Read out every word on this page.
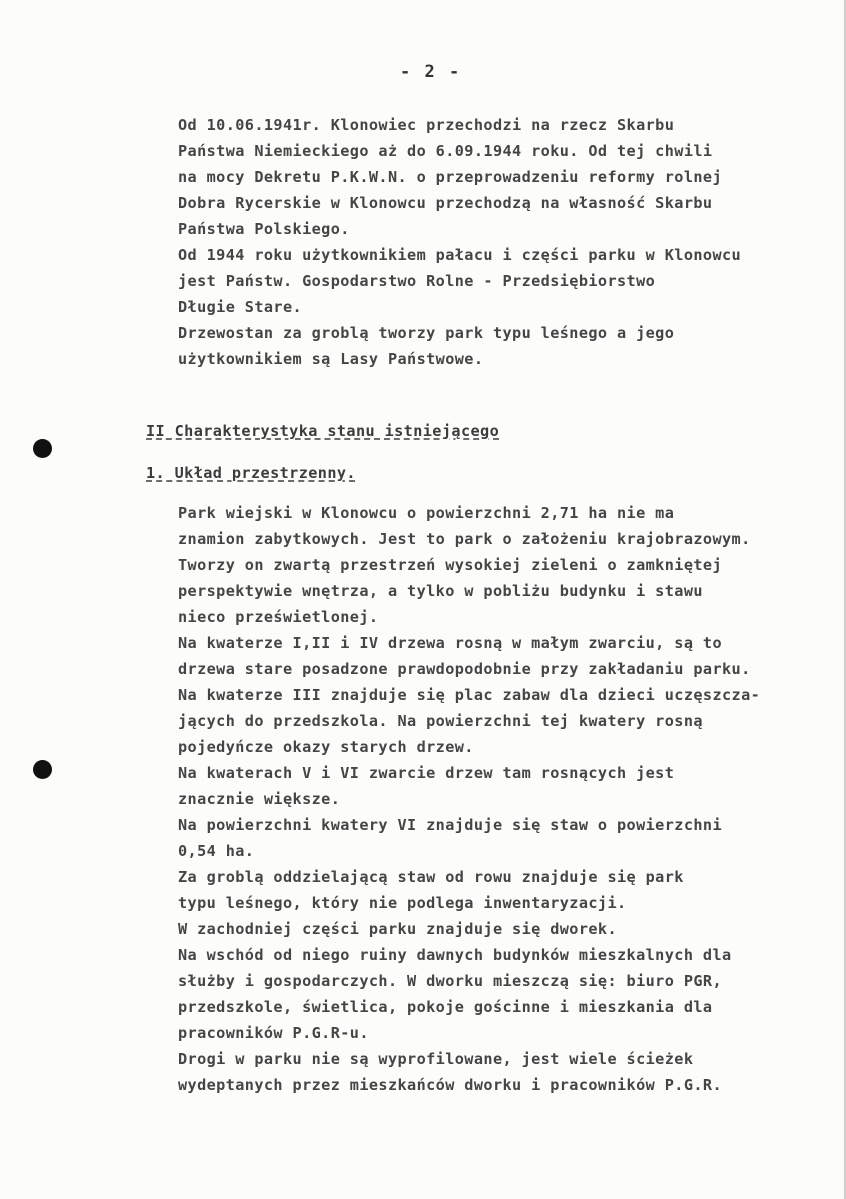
- 2 -
Od 10.06.1941r. Klonowiec przechodzi na rzecz Skarbu
Państwa Niemieckiego aż do 6.09.1944 roku. Od tej chwili
na mocy Dekretu P.K.W.N. o przeprowadzeniu reformy rolnej
Dobra Rycerskie w Klonowcu przechodzą na własność Skarbu
Państwa Polskiego.
Od 1944 roku użytkownikiem pałacu i części parku w Klonowcu
jest Państw. Gospodarstwo Rolne - Przedsiębiorstwo
Długie Stare.
Drzewostan za groblą tworzy park typu leśnego a jego
użytkownikiem są Lasy Państwowe.
II Charakterystyka stanu istniejącego
1. Układ przestrzenny.
Park wiejski w Klonowcu o powierzchni 2,71 ha nie ma
znamion zabytkowych. Jest to park o założeniu krajobrazowym.
Tworzy on zwartą przestrzeń wysokiej zieleni o zamkniętej
perspektywie wnętrza, a tylko w pobliżu budynku i stawu
nieco prześwietlonej.
Na kwaterze I,II i IV drzewa rosną w małym zwarciu, są to
drzewa stare posadzone prawdopodobnie przy zakładaniu parku.
Na kwaterze III znajduje się plac zabaw dla dzieci uczęszcza-
jących do przedszkola. Na powierzchni tej kwatery rosną
pojedyńcze okazy starych drzew.
Na kwaterach V i VI zwarcie drzew tam rosnących jest
znacznie większe.
Na powierzchni kwatery VI znajduje się staw o powierzchni
0,54 ha.
Za groblą oddzielającą staw od rowu znajduje się park
typu leśnego, który nie podlega inwentaryzacji.
W zachodniej części parku znajduje się dworek.
Na wschód od niego ruiny dawnych budynków mieszkalnych dla
służby i gospodarczych. W dworku mieszczą się: biuro PGR,
przedszkole, świetlica, pokoje gościnne i mieszkania dla
pracowników P.G.R-u.
Drogi w parku nie są wyprofilowane, jest wiele ścieżek
wydeptanych przez mieszkańców dworku i pracowników P.G.R.
